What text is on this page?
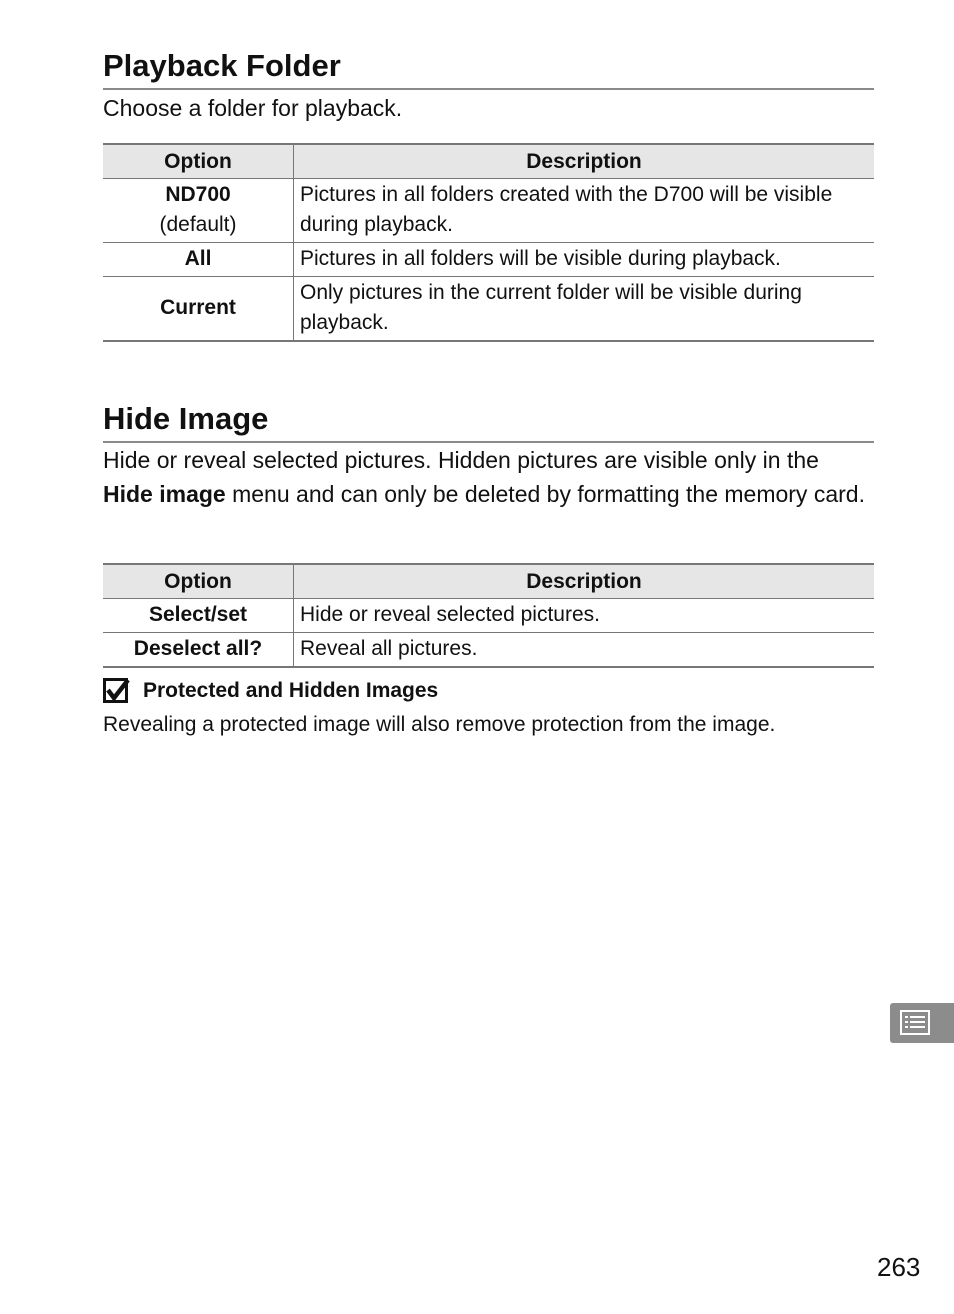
Playback Folder
Choose a folder for playback.
Option	Description
ND700
(default)	Pictures in all folders created with the D700 will be visible during playback.
All	Pictures in all folders will be visible during playback.
Current	Only pictures in the current folder will be visible during playback.
Hide Image
Hide or reveal selected pictures. Hidden pictures are visible only in the Hide image menu and can only be deleted by formatting the memory card.
Option	Description
Select/set	Hide or reveal selected pictures.
Deselect all?	Reveal all pictures.
Protected and Hidden Images
Revealing a protected image will also remove protection from the image.
263
